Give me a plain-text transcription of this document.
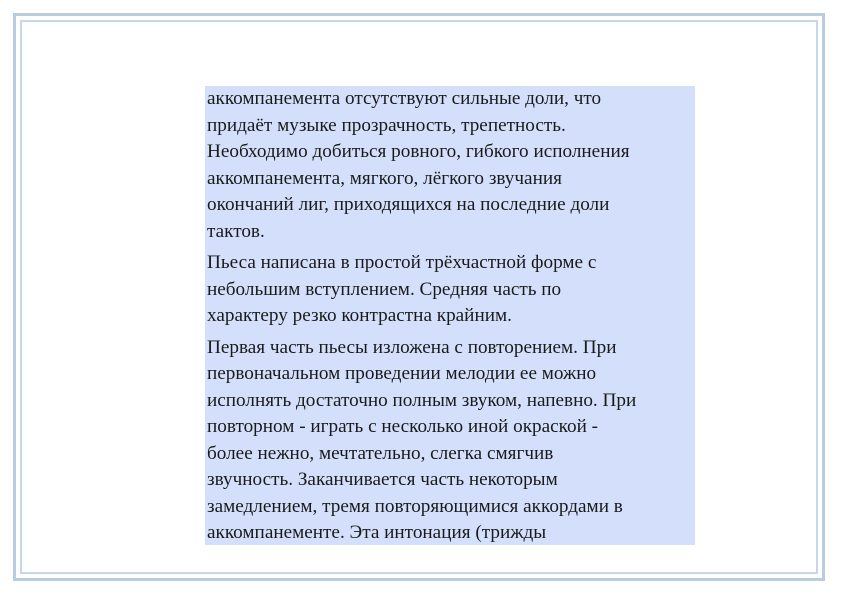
аккомпанемента отсутствуют сильные доли, что
придаёт музыке прозрачность, трепетность.
Необходимо добиться ровного, гибкого исполнения
аккомпанемента, мягкого, лёгкого звучания
окончаний лиг, приходящихся на последние доли
тактов.

Пьеса написана в простой трёхчастной форме с
небольшим вступлением. Средняя часть по
характеру резко контрастна крайним.

Первая часть пьесы изложена с повторением. При
первоначальном проведении мелодии ее можно
исполнять достаточно полным звуком, напевно. При
повторном - играть с несколько иной окраской -
более нежно, мечтательно, слегка смягчив
звучность. Заканчивается часть некоторым
замедлением, тремя повторяющимися аккордами в
аккомпанементе. Эта интонация (трижды
